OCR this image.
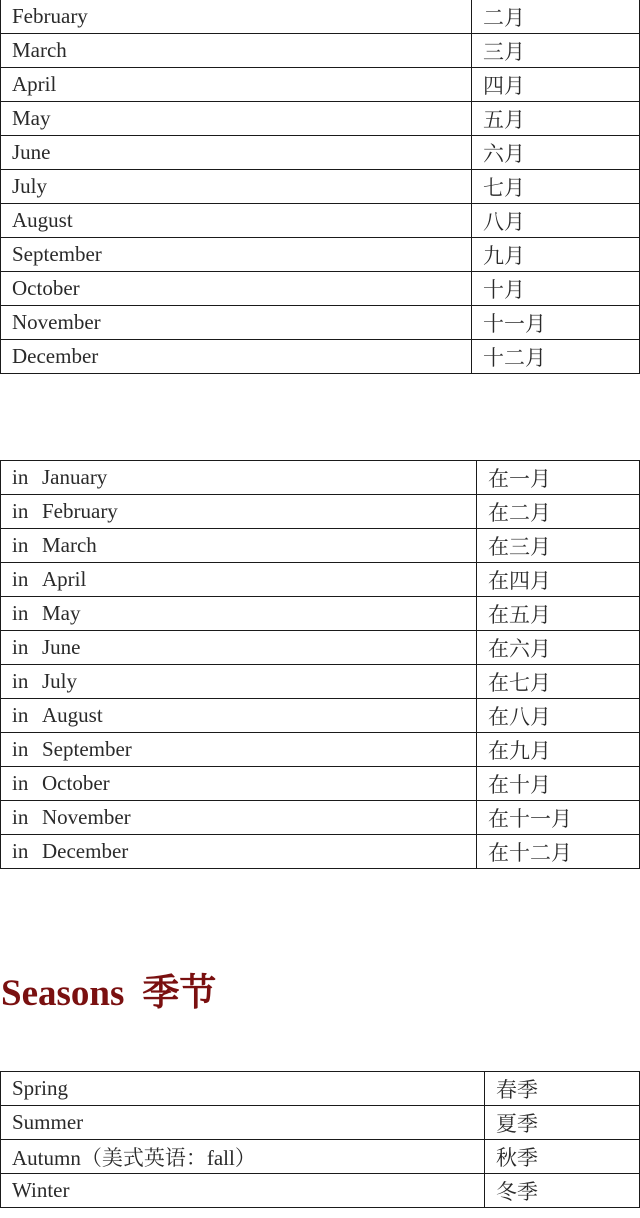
February	二月
March	三月
April	四月
May	五月
June	六月
July	七月
August	八月
September	九月
October	十月
November	十一月
December	十二月
in January	在一月
in February	在二月
in March	在三月
in April	在四月
in May	在五月
in June	在六月
in July	在七月
in August	在八月
in September	在九月
in October	在十月
in November	在十一月
in December	在十二月
Seasons 季节
Spring	春季
Summer	夏季
Autumn（美式英语：fall）	秋季
Winter	冬季
